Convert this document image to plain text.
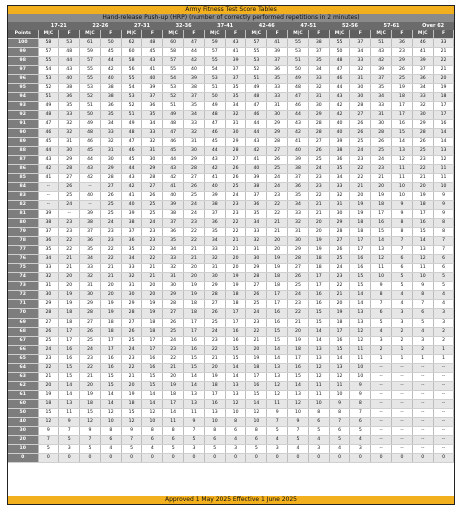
Army Fitness Test Score Tables
Hand-release Push-up (HRP) (number of correctly performed repetitions in 2 minutes)
17-21	22-26	27-31	32-36	37-41	42-46	47-51	52-56	57-61	Over 62
Points	M|C	F	M|C	F	M|C	F	M|C	F	M|C	F	M|C	F	M|C	F	M|C	F	M|C	F	M|C	F
100	58	53	61	50	62	48	60	47	59	43	57	41	55	38	55	37	51	36	46	33
99	57	48	59	45	60	45	58	44	57	41	55	39	53	37	50	34	43	23	41	21
98	55	44	57	44	58	43	57	42	55	39	53	37	51	35	48	33	42	29	39	22
97	54	43	55	42	56	41	55	40	54	37	52	36	50	34	47	32	39	26	37	21
96	53	40	55	40	55	40	54	39	53	37	51	35	49	33	46	31	37	25	36	20
95	52	38	53	38	54	39	53	38	51	35	49	33	48	32	44	30	35	19	34	19
94	51	36	52	38	53	37	52	37	50	35	48	33	47	31	43	30	34	18	33	18
93	49	35	51	36	52	36	51	35	49	34	47	31	46	30	42	28	33	17	32	17
92	48	33	50	35	51	35	49	34	48	32	46	30	44	29	42	27	31	17	30	17
91	47	32	49	34	49	34	48	33	47	31	44	29	43	28	40	26	30	16	29	16
90	46	32	48	33	48	33	47	32	46	30	44	29	42	28	40	26	28	15	28	14
89	45	31	46	32	47	32	46	31	45	29	43	28	41	27	39	25	26	14	26	14
88	44	30	45	31	46	31	45	30	44	28	42	27	40	26	38	24	25	13	25	13
87	43	29	44	30	45	30	44	29	43	27	41	26	39	25	36	23	24	12	23	12
86	42	28	43	29	44	29	43	28	42	26	40	25	38	24	35	22	23	11	22	11
85	41	27	42	28	43	28	42	27	41	26	39	24	37	23	34	22	21	11	21	11
84	--	26	--	27	42	27	41	26	40	25	38	24	36	23	33	21	20	10	20	10
83	--	25	40	26	41	26	40	25	39	24	37	23	35	22	32	20	19	10	19	9
82	--	24	--	25	40	25	39	24	38	23	36	22	34	21	31	19	18	9	18	9
81	39	--	39	25	39	25	38	24	37	23	35	22	33	21	30	19	17	9	17	9
80	38	23	38	24	38	24	37	23	36	22	34	21	32	20	29	18	16	8	16	8
79	37	23	37	23	37	23	36	22	35	22	33	21	31	20	28	18	15	8	15	8
78	36	22	36	23	36	23	35	22	34	21	32	20	30	19	27	17	14	7	14	7
77	35	22	35	22	35	22	34	21	33	21	31	20	29	19	26	17	13	7	13	7
76	34	21	34	22	34	22	33	21	32	20	30	19	28	18	25	16	12	6	12	6
75	33	21	33	21	33	21	32	20	31	20	29	19	27	18	24	16	11	6	11	6
74	32	20	32	21	32	21	31	20	30	19	28	18	26	17	23	15	10	5	10	5
73	31	20	31	20	31	20	30	19	29	19	27	18	25	17	22	15	9	5	9	5
72	30	19	30	20	30	20	29	19	28	18	26	17	24	16	21	14	8	4	8	4
71	29	19	29	19	29	19	28	18	27	18	25	17	23	16	20	14	7	4	7	4
70	28	18	28	19	28	19	27	18	26	17	24	16	22	15	19	13	6	3	6	3
69	27	18	27	18	27	18	26	17	25	17	23	16	21	15	18	13	5	3	5	3
68	26	17	26	18	26	18	25	17	24	16	22	15	20	14	17	12	4	2	4	2
67	25	17	25	17	25	17	24	16	23	16	21	15	19	14	16	12	3	2	3	2
66	24	16	24	17	24	17	23	16	22	15	20	14	18	13	15	11	2	1	2	1
65	23	16	23	16	23	16	22	15	21	15	19	14	17	13	14	11	1	1	1	1
64	22	15	22	16	22	16	21	15	20	14	18	13	16	12	13	10	--	--	--	--
63	21	15	21	15	21	15	20	14	19	14	17	13	15	12	12	10	--	--	--	--
62	20	14	20	15	20	15	19	14	18	13	16	12	14	11	11	9	--	--	--	--
61	19	14	19	14	19	14	18	13	17	13	15	12	13	11	10	9	--	--	--	--
60	18	13	18	14	18	14	17	13	16	12	14	11	12	10	9	8	--	--	--	--
50	15	11	15	12	15	12	14	11	13	10	12	9	10	8	8	7	--	--	--	--
40	12	9	12	10	12	10	11	9	10	8	10	7	9	6	7	6	--	--	--	--
30	9	7	9	8	9	8	8	7	8	6	8	5	7	5	6	5	--	--	--	--
20	7	5	7	6	7	6	6	5	6	4	6	4	5	4	5	4	--	--	--	--
10	5	3	5	4	5	4	5	3	5	3	5	3	4	3	4	3	--	--	--	--
0	0	0	0	0	0	0	0	0	0	0	0	0	0	0	0	0	0	0	0	0
Approved 1 May 2025 Effective 1 June 2025
